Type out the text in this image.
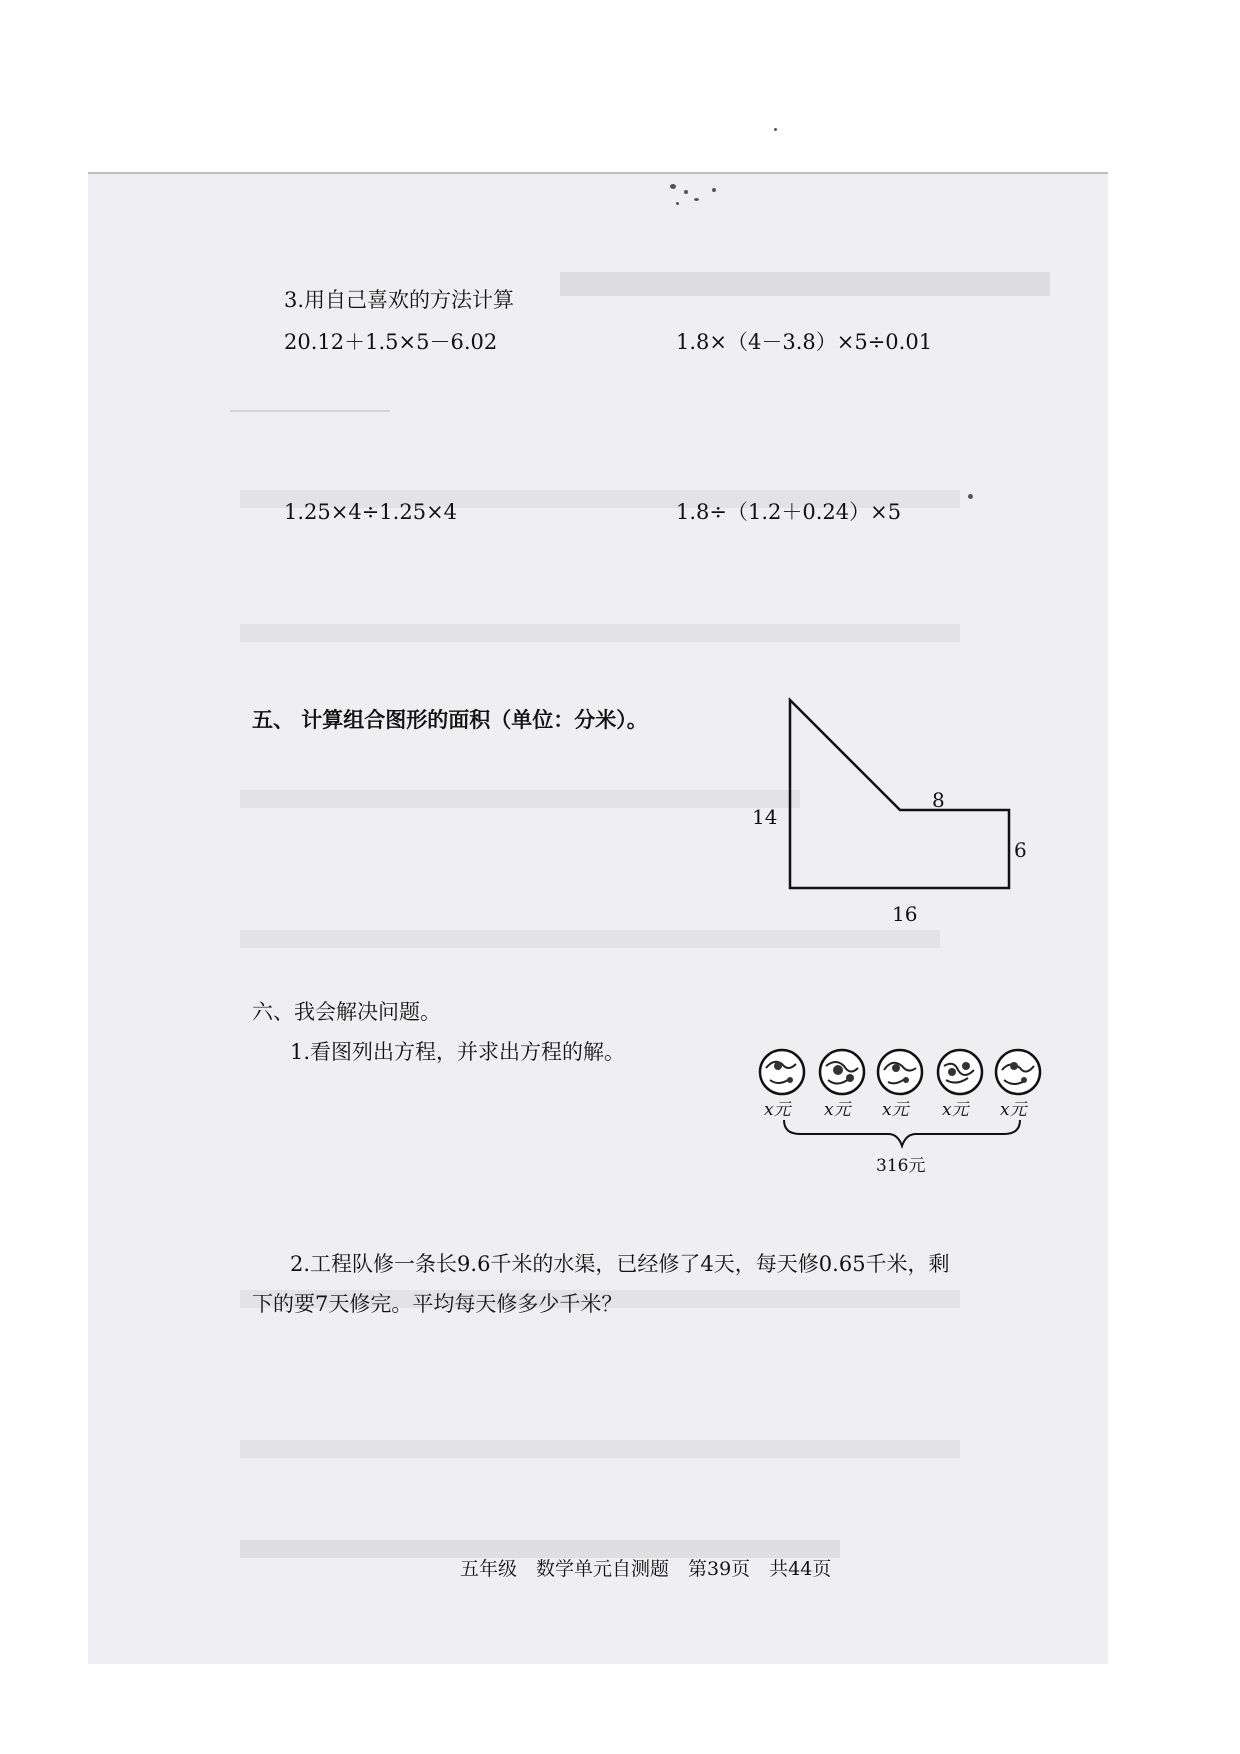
3.用自己喜欢的方法计算
20.12＋1.5×5－6.02	1.8×（4－3.8）×5÷0.01
1.25×4÷1.25×4	1.8÷（1.2＋0.24）×5
五、 计算组合图形的面积（单位：分米）。
14
8
6
16
六、我会解决问题。
1.看图列出方程，并求出方程的解。
x元 x元 x元 x元 x元
316元
2.工程队修一条长9.6千米的水渠，已经修了4天，每天修0.65千米，剩
下的要7天修完。平均每天修多少千米？
五年级　数学单元自测题　第39页　共44页
